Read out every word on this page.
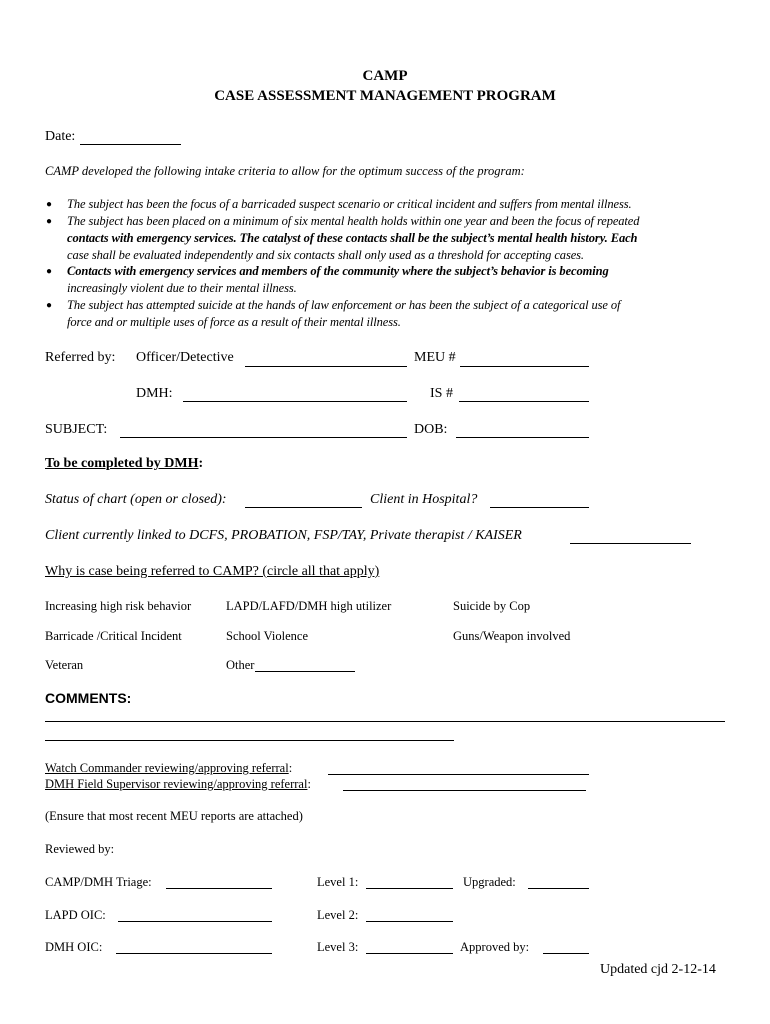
CAMP
CASE ASSESSMENT MANAGEMENT PROGRAM
Date:
CAMP developed the following intake criteria to allow for the optimum success of the program:
● The subject has been the focus of a barricaded suspect scenario or critical incident and suffers from mental illness.
● The subject has been placed on a minimum of six mental health holds within one year and been the focus of repeated
contacts with emergency services. The catalyst of these contacts shall be the subject’s mental health history. Each
case shall be evaluated independently and six contacts shall only used as a threshold for accepting cases.
● Contacts with emergency services and members of the community where the subject’s behavior is becoming
increasingly violent due to their mental illness.
● The subject has attempted suicide at the hands of law enforcement or has been the subject of a categorical use of
force and or multiple uses of force as a result of their mental illness.
Referred by: Officer/Detective	MEU #
DMH:	IS #
SUBJECT:	DOB:
To be completed by DMH:
Status of chart (open or closed):	Client in Hospital?
Client currently linked to DCFS, PROBATION, FSP/TAY, Private therapist / KAISER
Why is case being referred to CAMP? (circle all that apply)
Increasing high risk behavior	LAPD/LAFD/DMH high utilizer	Suicide by Cop
Barricade /Critical Incident	School Violence	Guns/Weapon involved
Veteran	Other
COMMENTS:
Watch Commander reviewing/approving referral:
DMH Field Supervisor reviewing/approving referral:
(Ensure that most recent MEU reports are attached)
Reviewed by:
CAMP/DMH Triage:	Level 1:	Upgraded:
LAPD OIC:	Level 2:
DMH OIC:	Level 3:	Approved by:
Updated cjd 2-12-14
